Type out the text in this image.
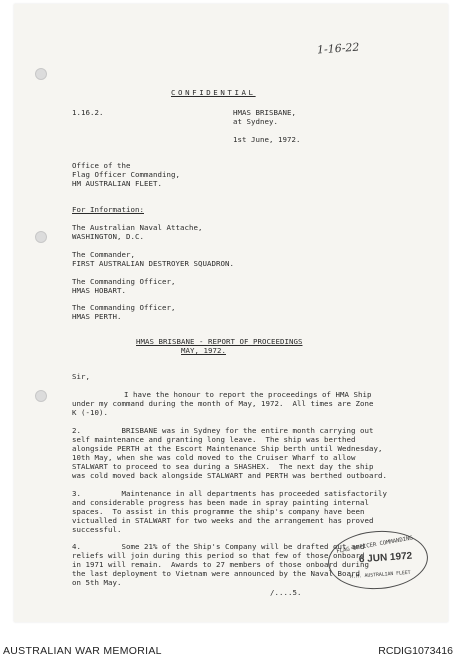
1-16-22

CONFIDENTIAL

1.16.2.	HMAS BRISBANE,

at Sydney.

1st June, 1972.

Office of the

Flag Officer Commanding,

HM AUSTRALIAN FLEET.

For Information:

The Australian Naval Attache,

WASHINGTON, D.C.

The Commander,

FIRST AUSTRALIAN DESTROYER SQUADRON.

The Commanding Officer,

HMAS HOBART.

The Commanding Officer,

HMAS PERTH.

HMAS BRISBANE - REPORT OF PROCEEDINGS

MAY, 1972.

Sir,

I have the honour to report the proceedings of HMA Ship

under my command during the month of May, 1972.  All times are Zone

K (-10).

2.         BRISBANE was in Sydney for the entire month carrying out

self maintenance and granting long leave.  The ship was berthed

alongside PERTH at the Escort Maintenance Ship berth until Wednesday,

10th May, when she was cold moved to the Cruiser Wharf to allow

STALWART to proceed to sea during a SHASHEX.  The next day the ship

was cold moved back alongside STALWART and PERTH was berthed outboard.

3.         Maintenance in all departments has proceeded satisfactorily

and considerable progress has been made in spray painting internal

spaces.  To assist in this programme the ship's company have been

victualled in STALWART for two weeks and the arrangement has proved

successful.

4.         Some 21% of the Ship's Company will be drafted out and

reliefs will join during this period so that few of those onboard

in 1971 will remain.  Awards to 27 members of those onboard during

the last deployment to Vietnam were announced by the Naval Board

on 5th May.

/....5.

FLAG OFFICER COMMANDING
6 JUN 1972
H.M. AUSTRALIAN FLEET
AUSTRALIAN WAR MEMORIAL	RCDIG1073416
